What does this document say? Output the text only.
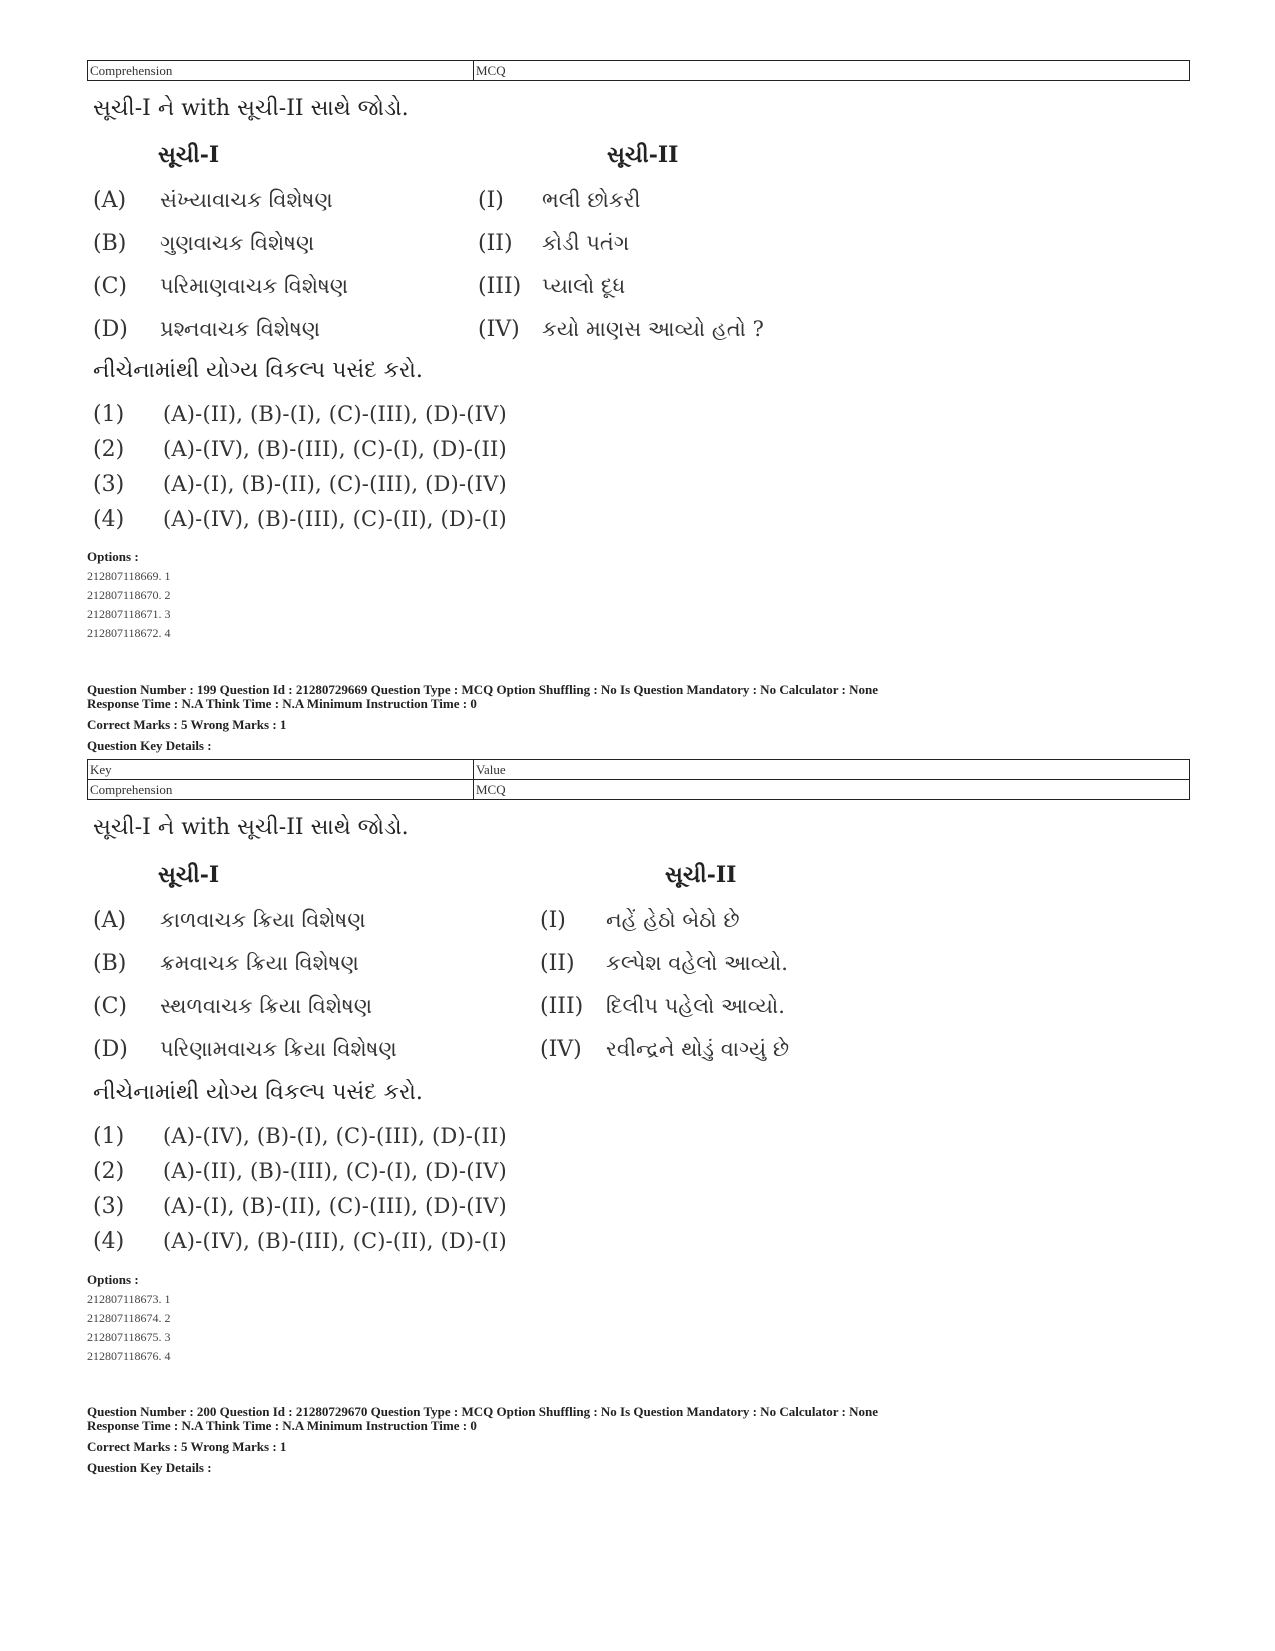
Comprehension	MCQ
સૂચી-I ને with સૂચી-II સાથે જોડો.
સૂચી-I	સૂચી-II
(A) સંખ્યાવાચક વિશેષણ	(I) ભલી છોકરી
(B) ગુણવાચક વિશેષણ	(II) કોડી પતંગ
(C) પરિમાણવાચક વિશેષણ	(III) પ્યાલો દૂધ
(D) પ્રશ્નવાચક વિશેષણ	(IV) કયો માણસ આવ્યો હતો ?
નીચેનામાંથી યોગ્ય વિકલ્પ પસંદ કરો.
(1) (A)-(II), (B)-(I), (C)-(III), (D)-(IV)
(2) (A)-(IV), (B)-(III), (C)-(I), (D)-(II)
(3) (A)-(I), (B)-(II), (C)-(III), (D)-(IV)
(4) (A)-(IV), (B)-(III), (C)-(II), (D)-(I)
Options :
212807118669. 1
212807118670. 2
212807118671. 3
212807118672. 4
Question Number : 199 Question Id : 21280729669 Question Type : MCQ Option Shuffling : No Is Question Mandatory : No Calculator : None
Response Time : N.A Think Time : N.A Minimum Instruction Time : 0
Correct Marks : 5 Wrong Marks : 1
Question Key Details :
Key	Value
Comprehension	MCQ
સૂચી-I ને with સૂચી-II સાથે જોડો.
સૂચી-I	સૂચી-II
(A) કાળવાચક ક્રિયા વિશેષણ	(I) નહેં હેઠો બેઠો છે
(B) ક્રમવાચક ક્રિયા વિશેષણ	(II) કલ્પેશ વહેલો આવ્યો.
(C) સ્થળવાચક ક્રિયા વિશેષણ	(III) દિલીપ પહેલો આવ્યો.
(D) પરિણામવાચક ક્રિયા વિશેષણ	(IV) રવીન્દ્રને થોડું વાગ્યું છે
નીચેનામાંથી યોગ્ય વિકલ્પ પસંદ કરો.
(1) (A)-(IV), (B)-(I), (C)-(III), (D)-(II)
(2) (A)-(II), (B)-(III), (C)-(I), (D)-(IV)
(3) (A)-(I), (B)-(II), (C)-(III), (D)-(IV)
(4) (A)-(IV), (B)-(III), (C)-(II), (D)-(I)
Options :
212807118673. 1
212807118674. 2
212807118675. 3
212807118676. 4
Question Number : 200 Question Id : 21280729670 Question Type : MCQ Option Shuffling : No Is Question Mandatory : No Calculator : None
Response Time : N.A Think Time : N.A Minimum Instruction Time : 0
Correct Marks : 5 Wrong Marks : 1
Question Key Details :
